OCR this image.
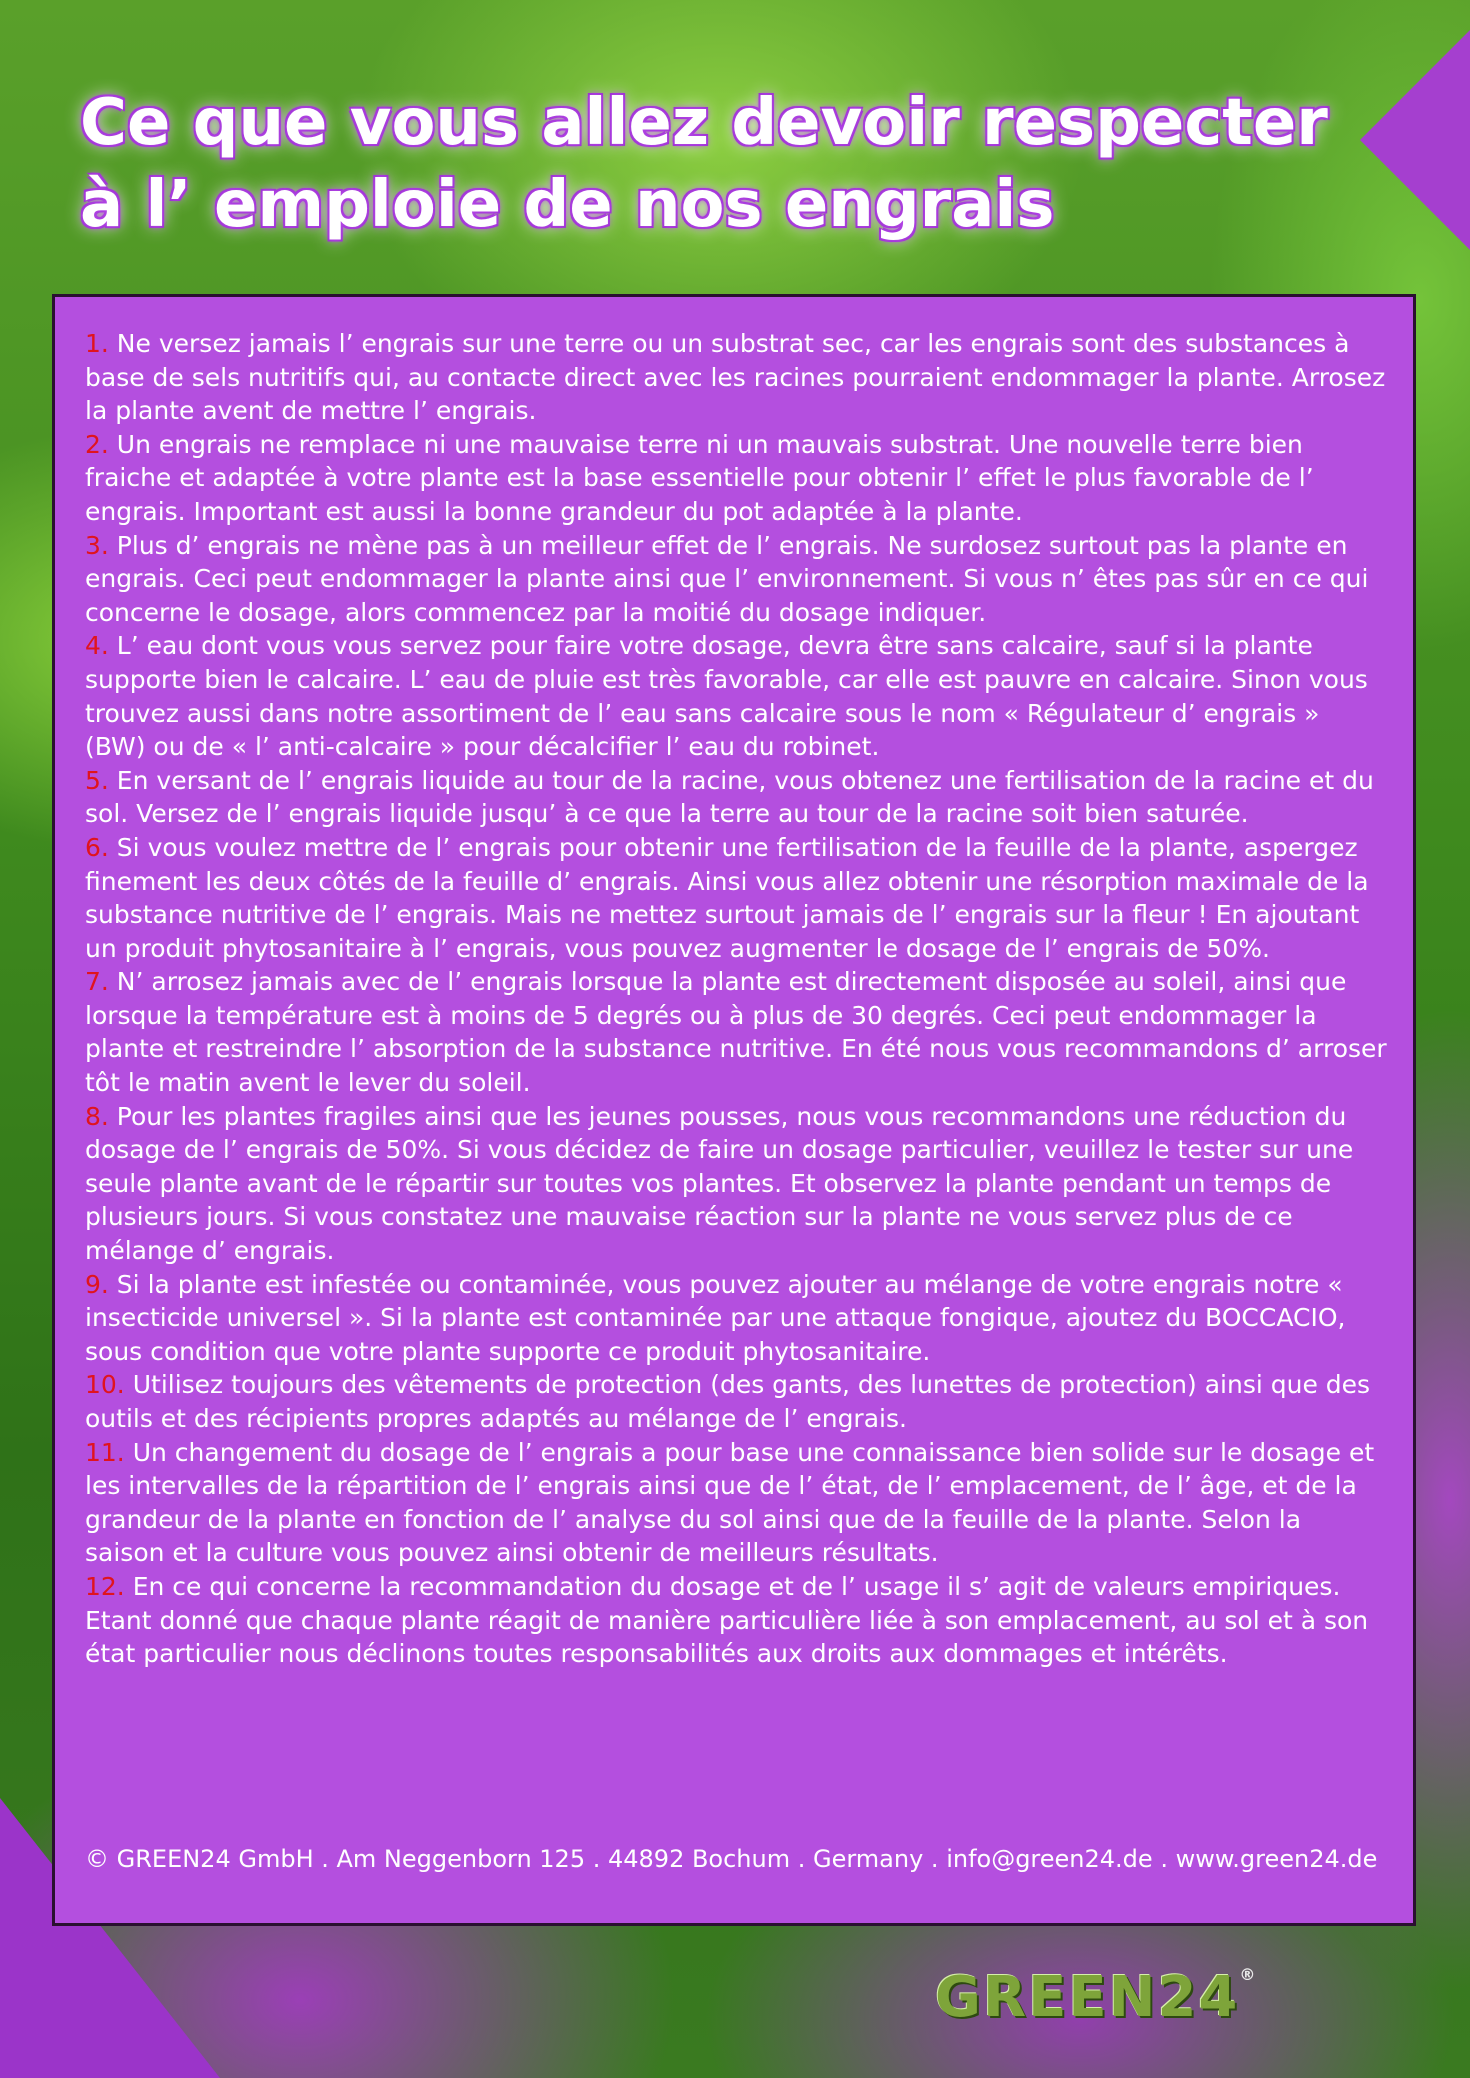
Ce que vous allez devoir respecter
à l’ emploie de nos engrais
1. Ne versez jamais l’ engrais sur une terre ou un substrat sec, car les engrais sont des substances à base de sels nutritifs qui, au contacte direct avec les racines pourraient endommager la plante. Arrosez la plante avent de mettre l’ engrais.
2. Un engrais ne remplace ni une mauvaise terre ni un mauvais substrat. Une nouvelle terre bien fraiche et adaptée à votre plante est la base essentielle pour obtenir l’ effet le plus favorable de l’ engrais. Important est aussi la bonne grandeur du pot adaptée à la plante.
3. Plus d’ engrais ne mène pas à un meilleur effet de l’ engrais. Ne surdosez surtout pas la plante en engrais. Ceci peut endommager la plante ainsi que l’ environnement. Si vous n’ êtes pas sûr en ce qui concerne le dosage, alors commencez par la moitié du dosage indiquer.
4. L’ eau dont vous vous servez pour faire votre dosage, devra être sans calcaire, sauf si la plante supporte bien le calcaire. L’ eau de pluie est très favorable, car elle est pauvre en calcaire. Sinon vous trouvez aussi dans notre assortiment de l’ eau sans calcaire sous le nom « Régulateur d’ engrais » (BW) ou de « l’ anti-calcaire » pour décalcifier l’ eau du robinet.
5. En versant de l’ engrais liquide au tour de la racine, vous obtenez une fertilisation de la racine et du sol. Versez de l’ engrais liquide jusqu’ à ce que la terre au tour de la racine soit bien saturée.
6. Si vous voulez mettre de l’ engrais pour obtenir une fertilisation de la feuille de la plante, aspergez finement les deux côtés de la feuille d’ engrais. Ainsi vous allez obtenir une résorption maximale de la substance nutritive de l’ engrais. Mais ne mettez surtout jamais de l’ engrais sur la fleur ! En ajoutant un produit phytosanitaire à l’ engrais, vous pouvez augmenter le dosage de l’ engrais de 50%.
7. N’ arrosez jamais avec de l’ engrais lorsque la plante est directement disposée au soleil, ainsi que lorsque la température est à moins de 5 degrés ou à plus de 30 degrés. Ceci peut endommager la plante et restreindre l’ absorption de la substance nutritive. En été nous vous recommandons d’ arroser tôt le matin avent le lever du soleil.
8. Pour les plantes fragiles ainsi que les jeunes pousses, nous vous recommandons une réduction du dosage de l’ engrais de 50%. Si vous décidez de faire un dosage particulier, veuillez le tester sur une seule plante avant de le répartir sur toutes vos plantes. Et observez la plante pendant un temps de plusieurs jours. Si vous constatez une mauvaise réaction sur la plante ne vous servez plus de ce mélange d’ engrais.
9. Si la plante est infestée ou contaminée, vous pouvez ajouter au mélange de votre engrais notre « insecticide universel ». Si la plante est contaminée par une attaque fongique, ajoutez du BOCCACIO, sous condition que votre plante supporte ce produit phytosanitaire.
10. Utilisez toujours des vêtements de protection (des gants, des lunettes de protection) ainsi que des outils et des récipients propres adaptés au mélange de l’ engrais.
11. Un changement du dosage de l’ engrais a pour base une connaissance bien solide sur le dosage et les intervalles de la répartition de l’ engrais ainsi que de l’ état, de l’ emplacement, de l’ âge, et de la grandeur de la plante en fonction de l’ analyse du sol ainsi que de la feuille de la plante. Selon la saison et la culture vous pouvez ainsi obtenir de meilleurs résultats.
12. En ce qui concerne la recommandation du dosage et de l’ usage il s’ agit de valeurs empiriques. Etant donné que chaque plante réagit de manière particulière liée à son emplacement, au sol et à son état particulier nous déclinons toutes responsabilités aux droits aux dommages et intérêts.
© GREEN24 GmbH . Am Neggenborn 125 . 44892 Bochum . Germany . info@green24.de . www.green24.de
GREEN24®
